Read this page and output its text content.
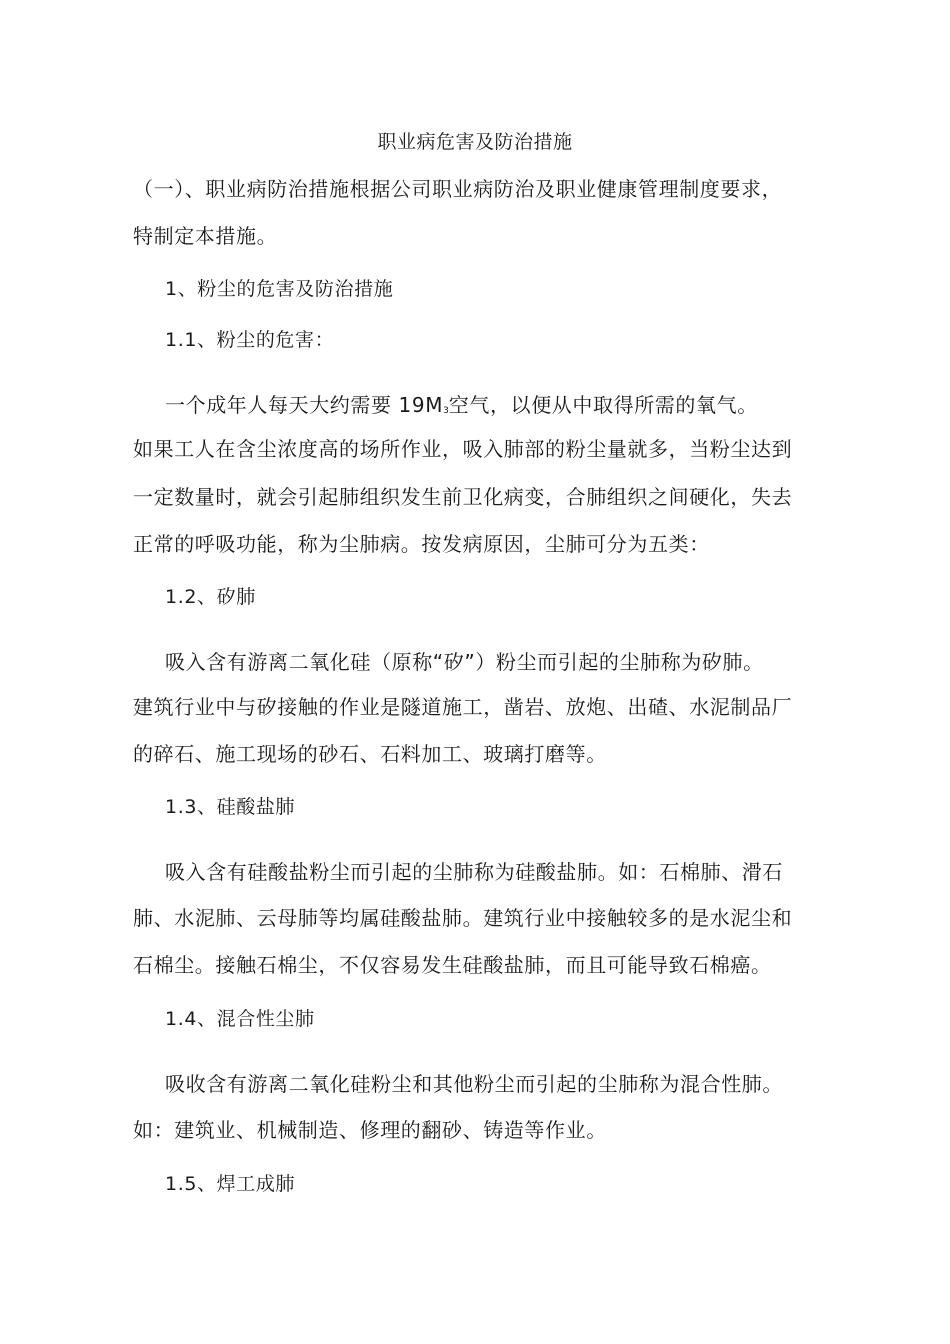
职业病危害及防治措施
（一）、职业病防治措施根据公司职业病防治及职业健康管理制度要求，
特制定本措施。
1、粉尘的危害及防治措施
1.1、粉尘的危害：
一个成年人每天大约需要 $19M_3$空气，以便从中取得所需的氧气。
如果工人在含尘浓度高的场所作业，吸入肺部的粉尘量就多，当粉尘达到
一定数量时，就会引起肺组织发生前卫化病变，合肺组织之间硬化，失去
正常的呼吸功能，称为尘肺病。按发病原因，尘肺可分为五类：
1.2、矽肺
吸入含有游离二氧化硅（原称“矽”）粉尘而引起的尘肺称为矽肺。
建筑行业中与矽接触的作业是隧道施工，凿岩、放炮、出碴、水泥制品厂
的碎石、施工现场的砂石、石料加工、玻璃打磨等。
1.3、硅酸盐肺
吸入含有硅酸盐粉尘而引起的尘肺称为硅酸盐肺。如：石棉肺、滑石
肺、水泥肺、云母肺等均属硅酸盐肺。建筑行业中接触较多的是水泥尘和
石棉尘。接触石棉尘，不仅容易发生硅酸盐肺，而且可能导致石棉癌。
1.4、混合性尘肺
吸收含有游离二氧化硅粉尘和其他粉尘而引起的尘肺称为混合性肺。
如：建筑业、机械制造、修理的翻砂、铸造等作业。
1.5、焊工成肺
